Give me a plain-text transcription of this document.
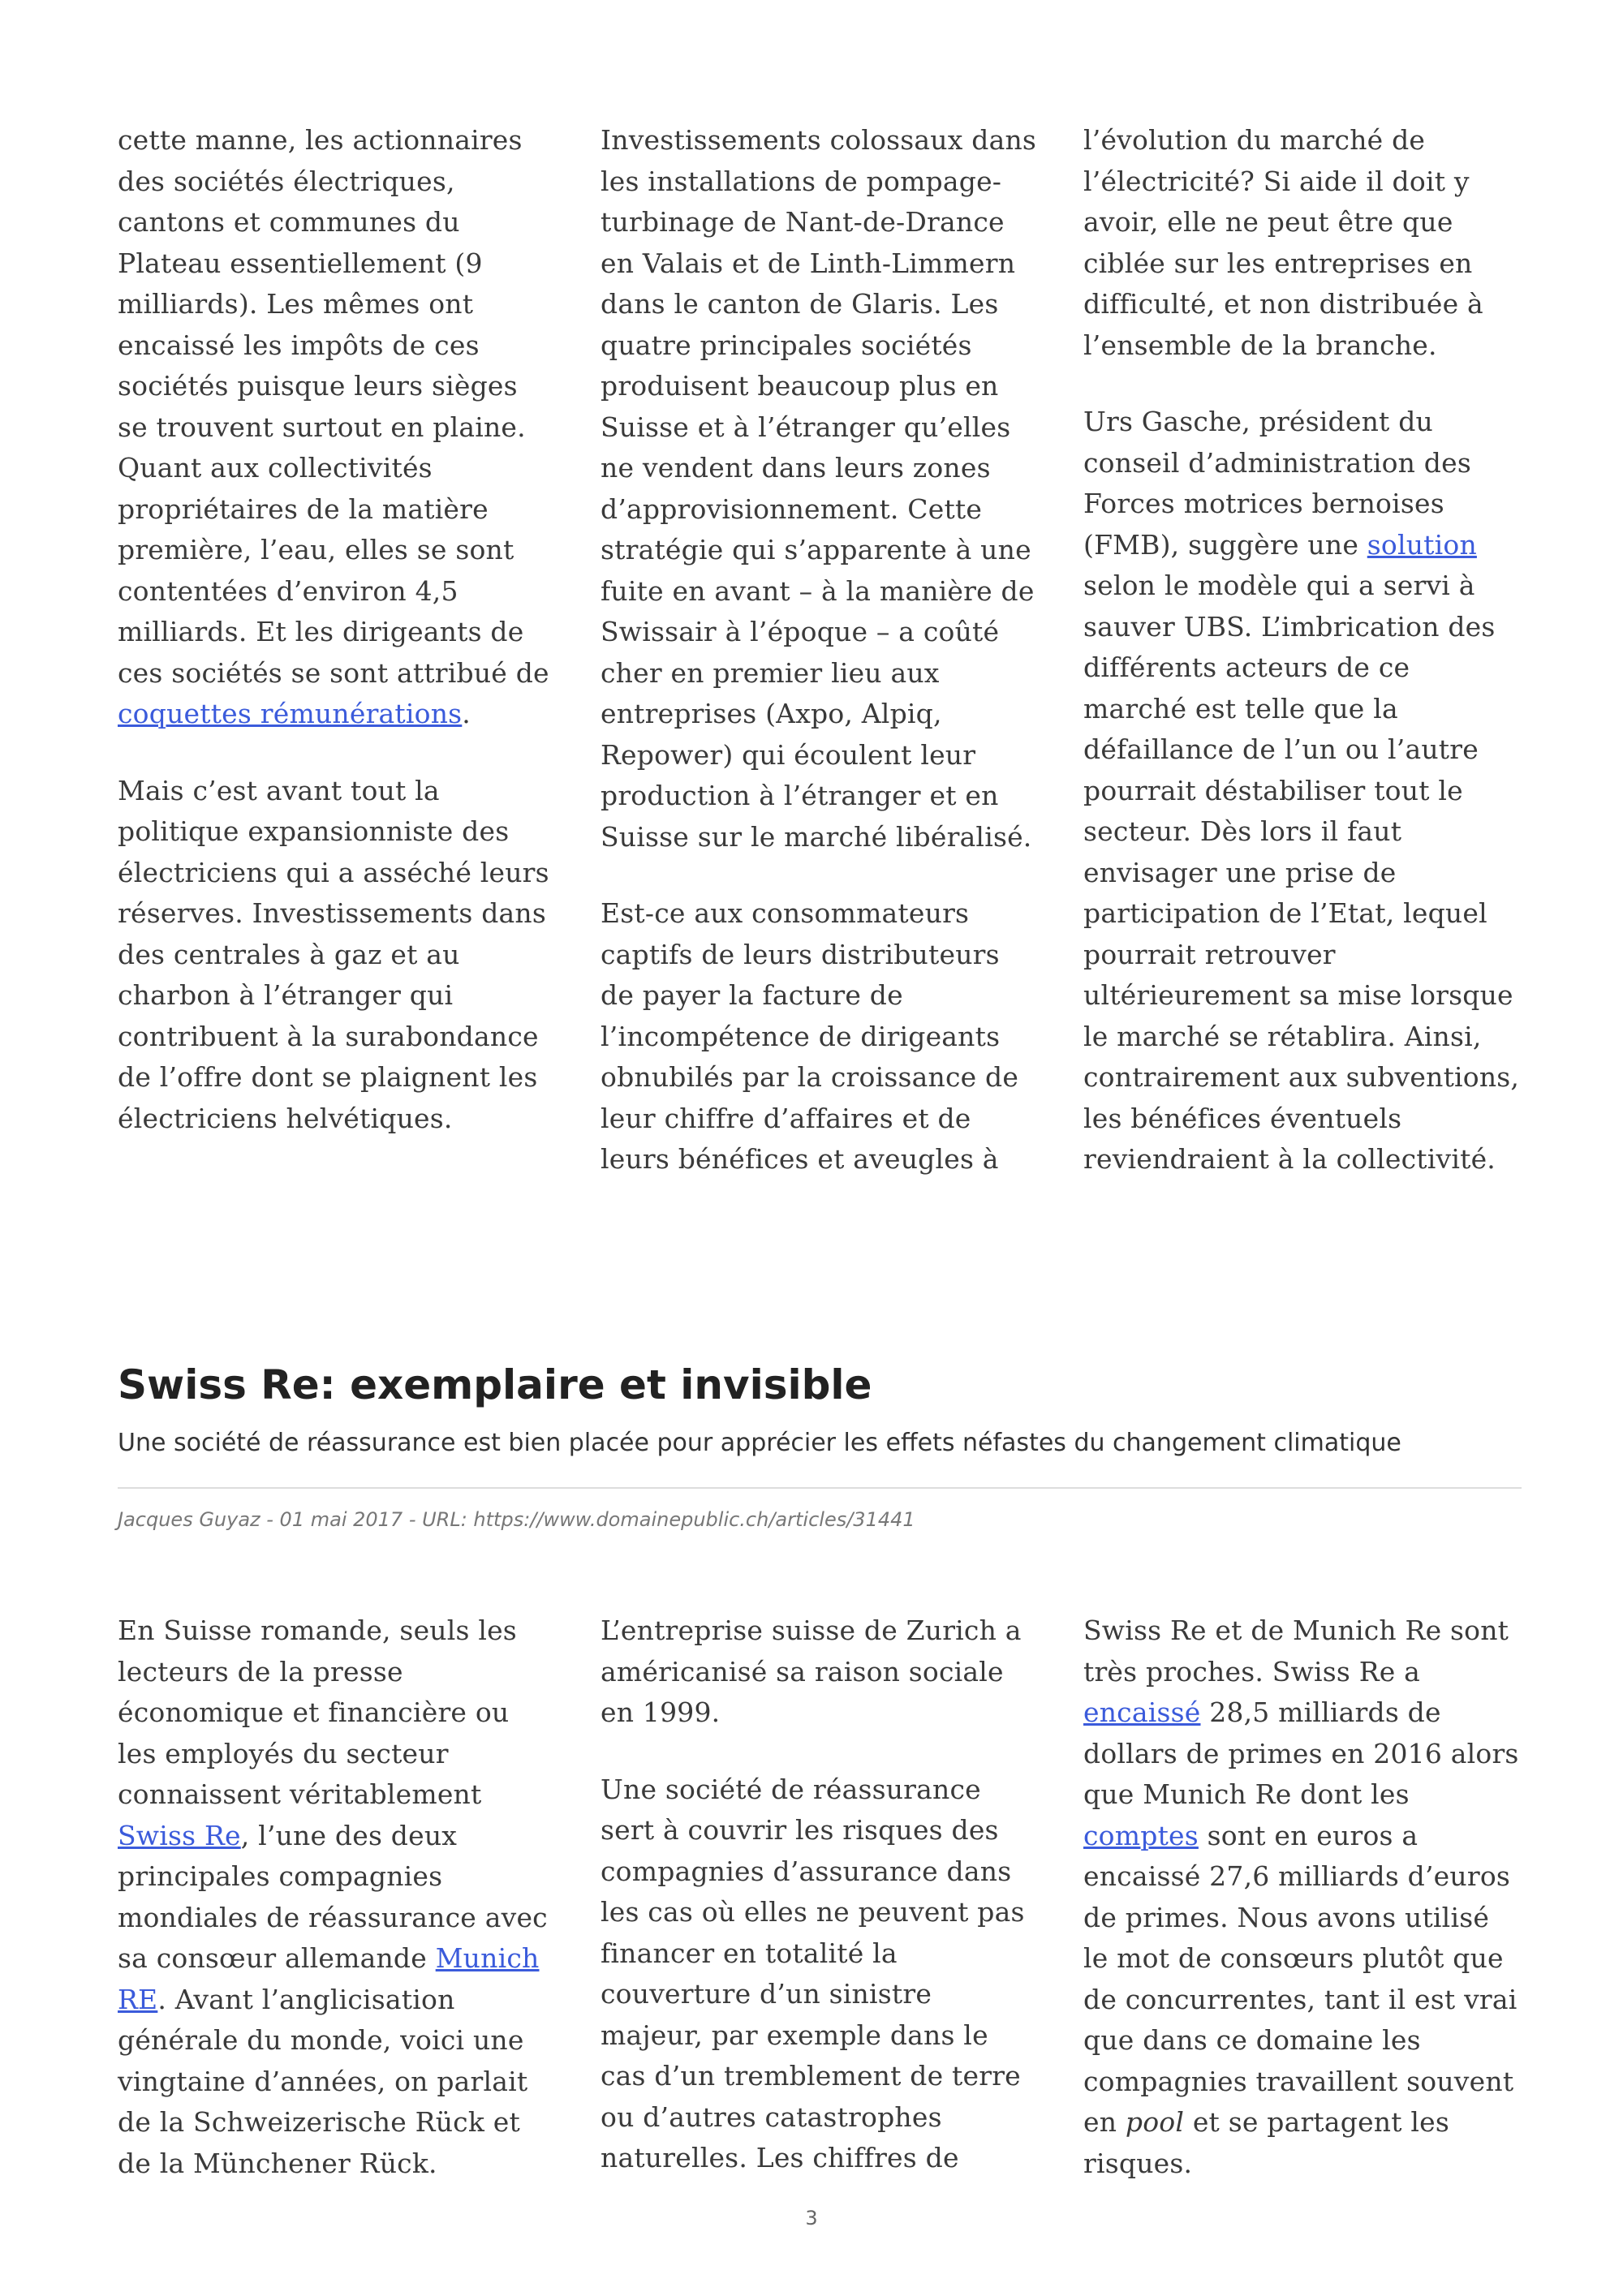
cette manne, les actionnaires des sociétés électriques, cantons et communes du Plateau essentiellement (9 milliards). Les mêmes ont encaissé les impôts de ces sociétés puisque leurs sièges se trouvent surtout en plaine. Quant aux collectivités propriétaires de la matière première, l’eau, elles se sont contentées d’environ 4,5 milliards. Et les dirigeants de ces sociétés se sont attribué de coquettes rémunérations.

Mais c’est avant tout la politique expansionniste des électriciens qui a asséché leurs réserves. Investissements dans des centrales à gaz et au charbon à l’étranger qui contribuent à la surabondance de l’offre dont se plaignent les électriciens helvétiques.

Investissements colossaux dans les installations de pompage-turbinage de Nant-de-Drance en Valais et de Linth-Limmern dans le canton de Glaris. Les quatre principales sociétés produisent beaucoup plus en Suisse et à l’étranger qu’elles ne vendent dans leurs zones d’approvisionnement. Cette stratégie qui s’apparente à une fuite en avant – à la manière de Swissair à l’époque – a coûté cher en premier lieu aux entreprises (Axpo, Alpiq, Repower) qui écoulent leur production à l’étranger et en Suisse sur le marché libéralisé.

Est-ce aux consommateurs captifs de leurs distributeurs de payer la facture de l’incompétence de dirigeants obnubilés par la croissance de leur chiffre d’affaires et de leurs bénéfices et aveugles à

l’évolution du marché de l’électricité? Si aide il doit y avoir, elle ne peut être que ciblée sur les entreprises en difficulté, et non distribuée à l’ensemble de la branche.

Urs Gasche, président du conseil d’administration des Forces motrices bernoises (FMB), suggère une solution selon le modèle qui a servi à sauver UBS. L’imbrication des différents acteurs de ce marché est telle que la défaillance de l’un ou l’autre pourrait déstabiliser tout le secteur. Dès lors il faut envisager une prise de participation de l’Etat, lequel pourrait retrouver ultérieurement sa mise lorsque le marché se rétablira. Ainsi, contrairement aux subventions, les bénéfices éventuels reviendraient à la collectivité.

Swiss Re: exemplaire et invisible

Une société de réassurance est bien placée pour apprécier les effets néfastes du changement climatique

Jacques Guyaz - 01 mai 2017 - URL: https://www.domainepublic.ch/articles/31441

En Suisse romande, seuls les lecteurs de la presse économique et financière ou les employés du secteur connaissent véritablement Swiss Re, l’une des deux principales compagnies mondiales de réassurance avec sa consœur allemande Munich RE. Avant l’anglicisation générale du monde, voici une vingtaine d’années, on parlait de la Schweizerische Rück et de la Münchener Rück.

L’entreprise suisse de Zurich a américanisé sa raison sociale en 1999.

Une société de réassurance sert à couvrir les risques des compagnies d’assurance dans les cas où elles ne peuvent pas financer en totalité la couverture d’un sinistre majeur, par exemple dans le cas d’un tremblement de terre ou d’autres catastrophes naturelles. Les chiffres de

Swiss Re et de Munich Re sont très proches. Swiss Re a encaissé 28,5 milliards de dollars de primes en 2016 alors que Munich Re dont les comptes sont en euros a encaissé 27,6 milliards d’euros de primes. Nous avons utilisé le mot de consœurs plutôt que de concurrentes, tant il est vrai que dans ce domaine les compagnies travaillent souvent en pool et se partagent les risques.

3
